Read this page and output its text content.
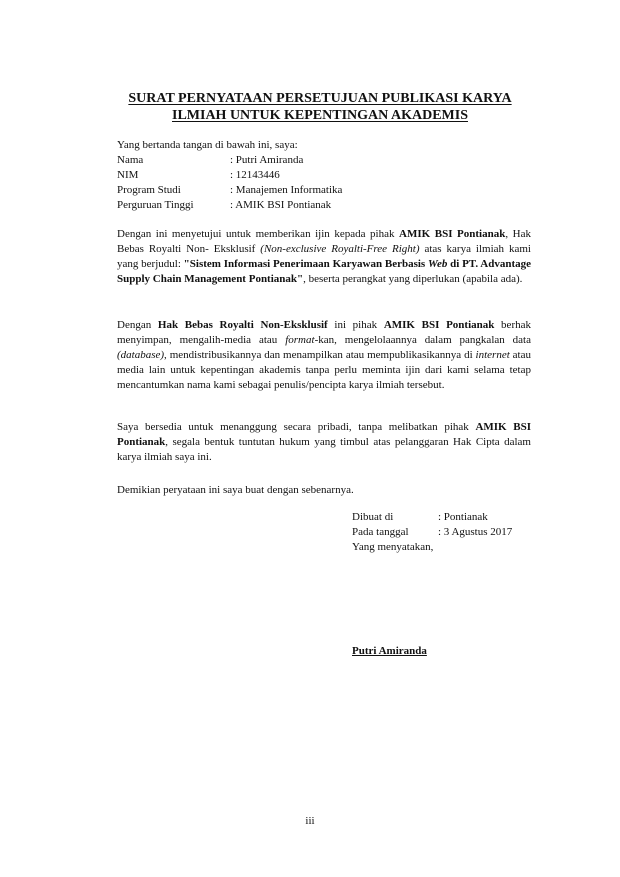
SURAT PERNYATAAN PERSETUJUAN PUBLIKASI KARYA
ILMIAH UNTUK KEPENTINGAN AKADEMIS
Yang bertanda tangan di bawah ini, saya:
Nama	: Putri Amiranda
NIM	: 12143446
Program Studi	: Manajemen Informatika
Perguruan Tinggi	: AMIK BSI Pontianak
Dengan ini menyetujui untuk memberikan ijin kepada pihak AMIK BSI Pontianak, Hak Bebas Royalti Non- Eksklusif (Non-exclusive Royalti-Free Right) atas karya ilmiah kami yang berjudul: "Sistem Informasi Penerimaan Karyawan Berbasis Web di PT. Advantage Supply Chain Management Pontianak", beserta perangkat yang diperlukan (apabila ada).
Dengan Hak Bebas Royalti Non-Eksklusif ini pihak AMIK BSI Pontianak berhak menyimpan, mengalih-media atau format-kan, mengelolaannya dalam pangkalan data (database), mendistribusikannya dan menampilkan atau mempublikasikannya di internet atau media lain untuk kepentingan akademis tanpa perlu meminta ijin dari kami selama tetap mencantumkan nama kami sebagai penulis/pencipta karya ilmiah tersebut.
Saya bersedia untuk menanggung secara pribadi, tanpa melibatkan pihak AMIK BSI Pontianak, segala bentuk tuntutan hukum yang timbul atas pelanggaran Hak Cipta dalam karya ilmiah saya ini.
Demikian peryataan ini saya buat dengan sebenarnya.
Dibuat di	: Pontianak
Pada tanggal	: 3 Agustus 2017
Yang menyatakan,
Putri Amiranda
iii
